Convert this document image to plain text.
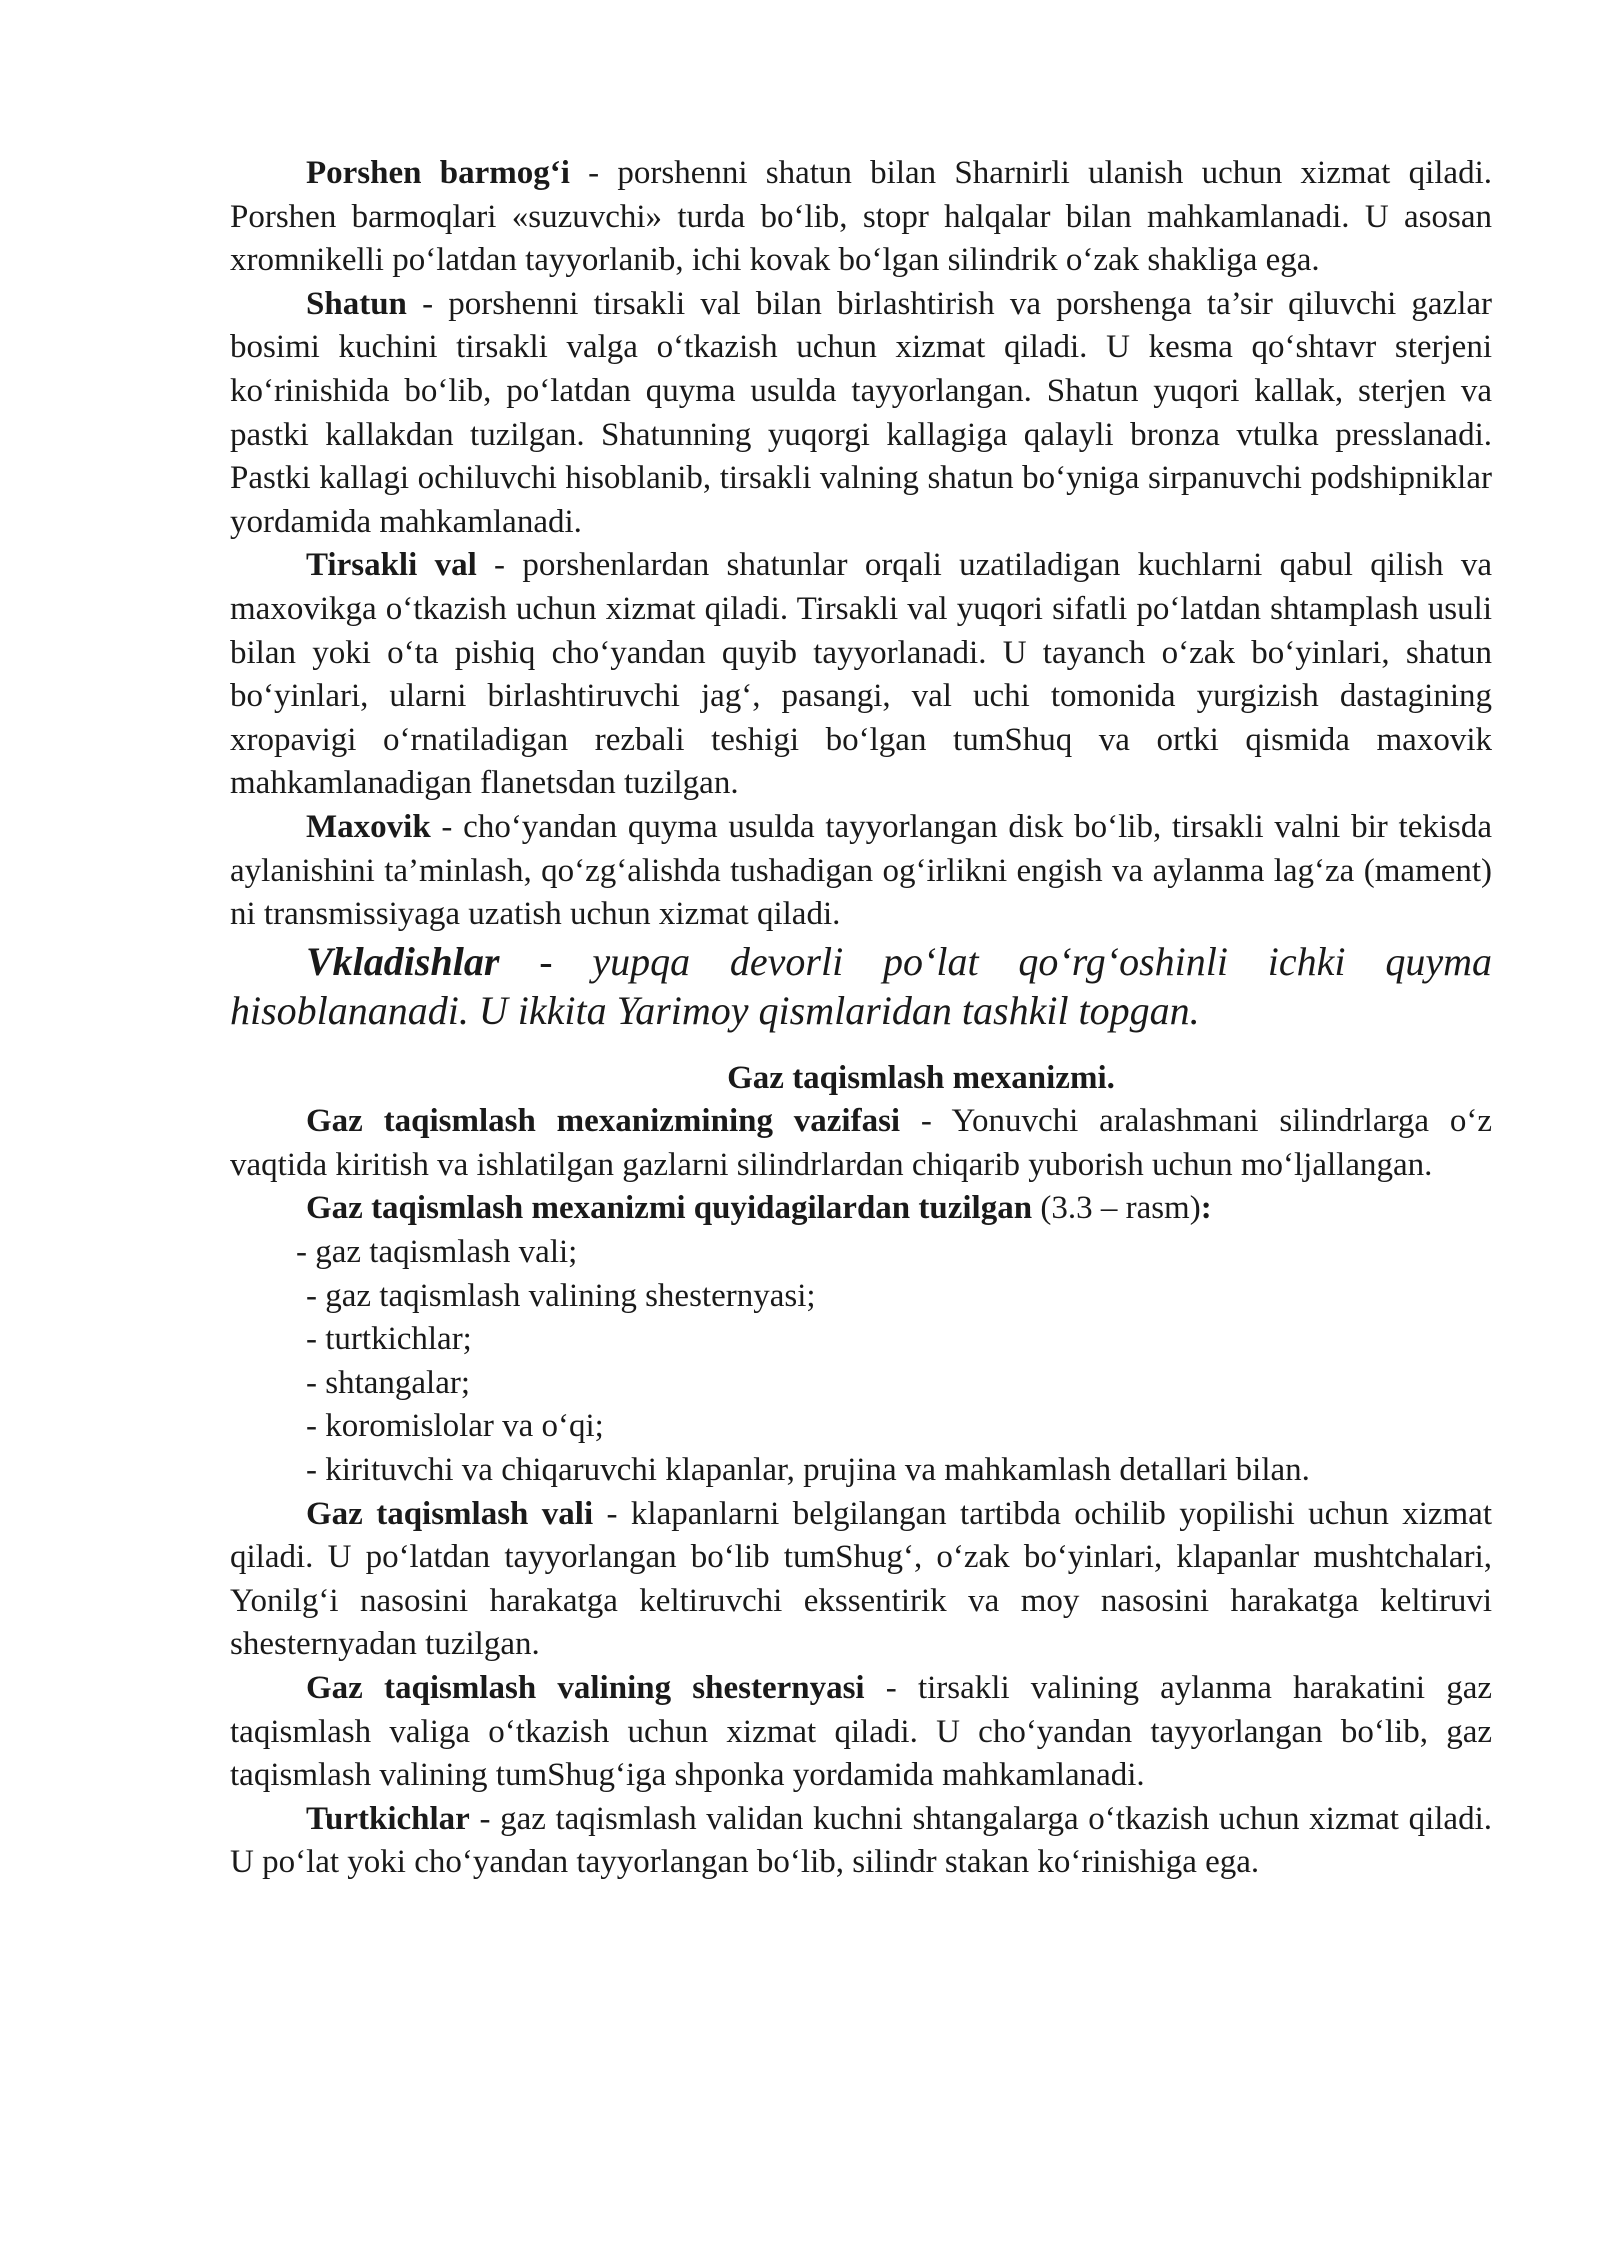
Porshen barmog‘i - porshenni shatun bilan Sharnirli ulanish uchun xizmat qiladi. Porshen barmoqlari «suzuvchi» turda bo‘lib, stopr halqalar bilan mahkamlanadi. U asosan xromnikelli po‘latdan tayyorlanib, ichi kovak bo‘lgan silindrik o‘zak shakliga ega.

Shatun - porshenni tirsakli val bilan birlashtirish va porshenga ta’sir qiluvchi gazlar bosimi kuchini tirsakli valga o‘tkazish uchun xizmat qiladi. U kesma qo‘shtavr sterjeni ko‘rinishida bo‘lib, po‘latdan quyma usulda tayyorlangan. Shatun yuqori kallak, sterjen va pastki kallakdan tuzilgan. Shatunning yuqorgi kallagiga qalayli bronza vtulka presslanadi. Pastki kallagi ochiluvchi hisoblanib, tirsakli valning shatun bo‘yniga sirpanuvchi podshipniklar yordamida mahkamlanadi.

Tirsakli val - porshenlardan shatunlar orqali uzatiladigan kuchlarni qabul qilish va maxovikga o‘tkazish uchun xizmat qiladi. Tirsakli val yuqori sifatli po‘latdan shtamplash usuli bilan yoki o‘ta pishiq cho‘yandan quyib tayyorlanadi. U tayanch o‘zak bo‘yinlari, shatun bo‘yinlari, ularni birlashtiruvchi jag‘, pasangi, val uchi tomonida yurgizish dastagining xropavigi o‘rnatiladigan rezbali teshigi bo‘lgan tumShuq va ortki qismida maxovik mahkamlanadigan flanetsdan tuzilgan.

Maxovik - cho‘yandan quyma usulda tayyorlangan disk bo‘lib, tirsakli valni bir tekisda aylanishini ta’minlash, qo‘zg‘alishda tushadigan og‘irlikni engish va aylanma lag‘za (mament) ni transmissiyaga uzatish uchun xizmat qiladi.

Vkladishlar - yupqa devorli po‘lat qo‘rg‘oshinli ichki quyma hisoblananadi. U ikkita Yarimoy qismlaridan tashkil topgan.

Gaz taqismlash mexanizmi.

Gaz taqismlash mexanizmining vazifasi - Yonuvchi aralashmani silindrlarga o‘z vaqtida kiritish va ishlatilgan gazlarni silindrlardan chiqarib yuborish uchun mo‘ljallangan.

Gaz taqismlash mexanizmi quyidagilardan tuzilgan (3.3 – rasm):

- gaz taqismlash vali;

- gaz taqismlash valining shesternyasi;

- turtkichlar;

- shtangalar;

- koromislolar va o‘qi;

- kirituvchi va chiqaruvchi klapanlar, prujina va mahkamlash detallari bilan.

Gaz taqismlash vali - klapanlarni belgilangan tartibda ochilib yopilishi uchun xizmat qiladi. U po‘latdan tayyorlangan bo‘lib tumShug‘, o‘zak bo‘yinlari, klapanlar mushtchalari, Yonilg‘i nasosini harakatga keltiruvchi ekssentirik va moy nasosini harakatga keltiruvi shesternyadan tuzilgan.

Gaz taqismlash valining shesternyasi - tirsakli valining aylanma harakatini gaz taqismlash valiga o‘tkazish uchun xizmat qiladi. U cho‘yandan tayyorlangan bo‘lib, gaz taqismlash valining tumShug‘iga shponka yordamida mahkamlanadi.

Turtkichlar - gaz taqismlash validan kuchni shtangalarga o‘tkazish uchun xizmat qiladi. U po‘lat yoki cho‘yandan tayyorlangan bo‘lib, silindr stakan ko‘rinishiga ega.
